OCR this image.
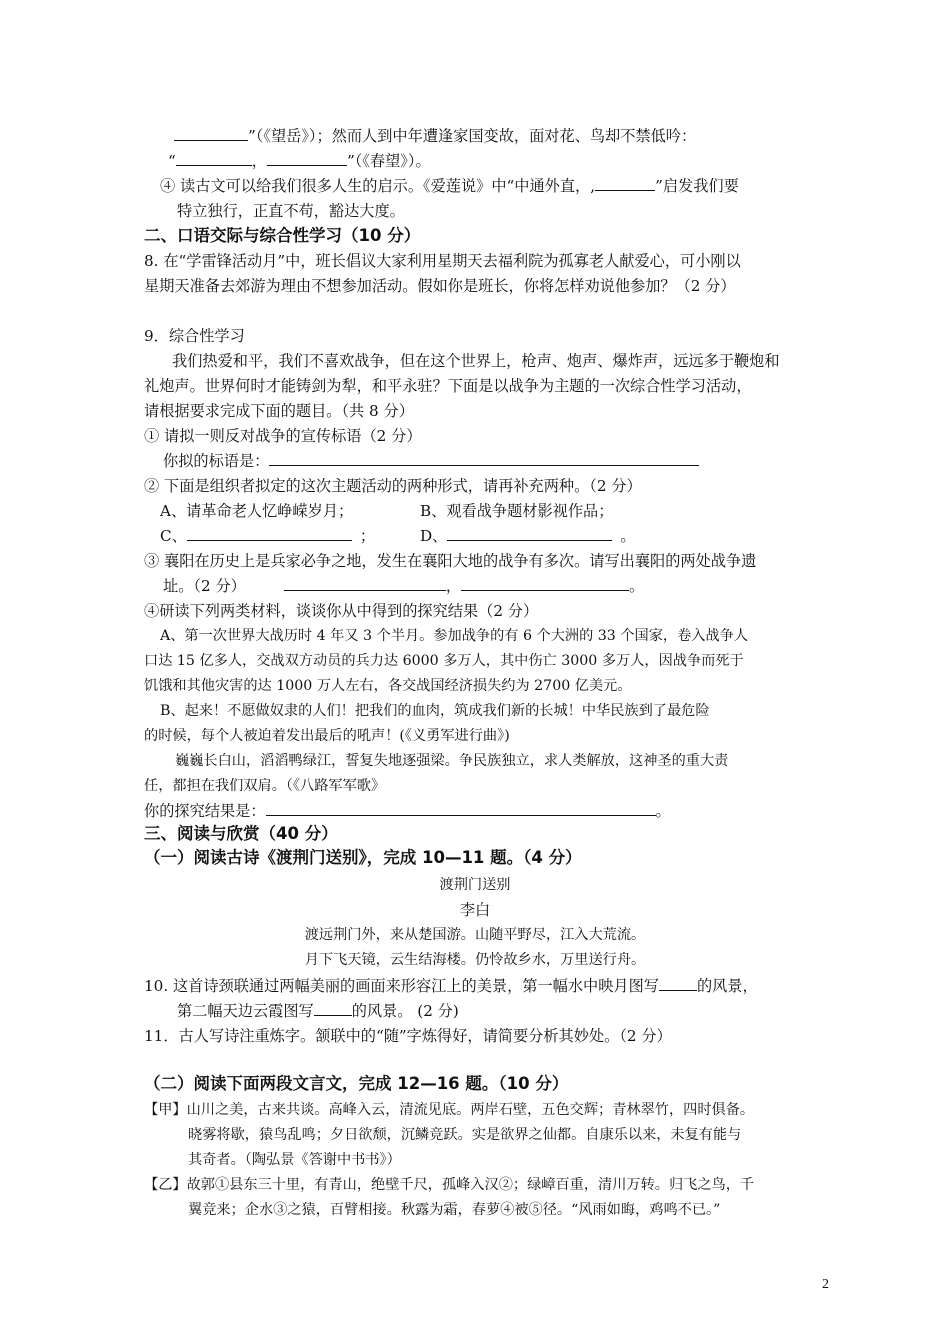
”（《望岳》）；然而人到中年遭逢家国变故，面对花、鸟却不禁低吟：
“	，	”（《春望》）。
④ 读古文可以给我们很多人生的启示。《爱莲说》中“中通外直，,	”启发我们要
特立独行，正直不苟，豁达大度。
二、口语交际与综合性学习（10 分）
8. 在“学雷锋活动月”中，班长倡议大家利用星期天去福利院为孤寡老人献爱心，可小刚以
星期天准备去郊游为理由不想参加活动。假如你是班长，你将怎样劝说他参加？（2 分）
9．综合性学习
我们热爱和平，我们不喜欢战争，但在这个世界上，枪声、炮声、爆炸声，远远多于鞭炮和
礼炮声。世界何时才能铸剑为犁，和平永驻？下面是以战争为主题的一次综合性学习活动，
请根据要求完成下面的题目。（共 8 分）
① 请拟一则反对战争的宣传标语（2 分）
你拟的标语是：
② 下面是组织者拟定的这次主题活动的两种形式，请再补充两种。（2 分）
A、请革命老人忆峥嵘岁月；	B、观看战争题材影视作品；
C、	；	D、	。
③ 襄阳在历史上是兵家必争之地，发生在襄阳大地的战争有多次。请写出襄阳的两处战争遗
址。（2 分）	，	。
④研读下列两类材料，谈谈你从中得到的探究结果（2 分）
A、第一次世界大战历时 4 年又 3 个半月。参加战争的有 6 个大洲的 33 个国家，卷入战争人
口达 15 亿多人，交战双方动员的兵力达 6000 多万人，其中伤亡 3000 多万人，因战争而死于
饥饿和其他灾害的达 1000 万人左右，各交战国经济损失约为 2700 亿美元。
B、起来！不愿做奴隶的人们！把我们的血肉，筑成我们新的长城！中华民族到了最危险
的时候，每个人被迫着发出最后的吼声！(《义勇军进行曲》)
巍巍长白山，滔滔鸭绿江，誓复失地逐强梁。争民族独立，求人类解放，这神圣的重大责
任，都担在我们双肩。（《八路军军歌》
你的探究结果是：	。
三、阅读与欣赏（40 分）
（一）阅读古诗《渡荆门送别》，完成 10—11 题。（4 分）
渡荆门送别
李白
渡远荆门外，来从楚国游。山随平野尽，江入大荒流。
月下飞天镜，云生结海楼。仍怜故乡水，万里送行舟。
10. 这首诗颈联通过两幅美丽的画面来形容江上的美景，第一幅水中映月图写	的风景，
第二幅天边云霞图写	的风景。 (2 分)
11．古人写诗注重炼字。颔联中的“随”字炼得好，请简要分析其妙处。（2 分）
（二）阅读下面两段文言文，完成 12—16 题。（10 分）
【甲】山川之美，古来共谈。高峰入云，清流见底。两岸石壁，五色交辉；青林翠竹，四时俱备。
晓雾将歇，猿鸟乱鸣；夕日欲颓，沉鳞竞跃。实是欲界之仙都。自康乐以来，未复有能与
其奇者。（陶弘景《答谢中书书》）
【乙】故郭①县东三十里，有青山，绝壁千尺，孤峰入汉②；绿嶂百重，清川万转。归飞之鸟，千
翼竞来；企水③之猿，百臂相接。秋露为霜，春萝④被⑤径。“风雨如晦，鸡鸣不已。”
2
